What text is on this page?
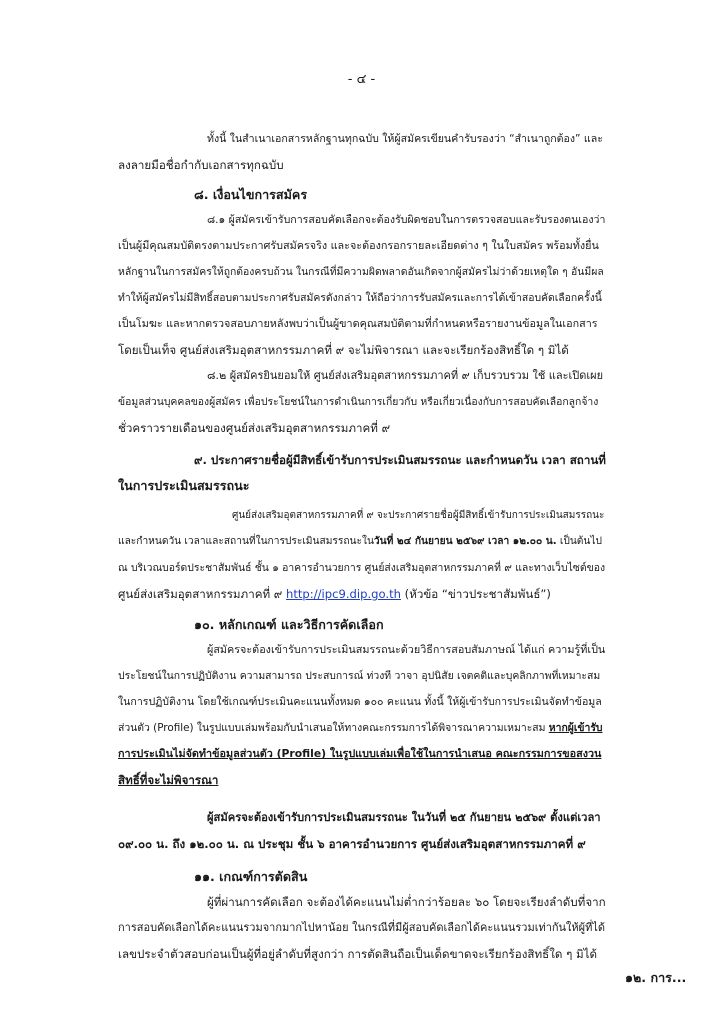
- ๔ -
ทั้งนี้ ในสำเนาเอกสารหลักฐานทุกฉบับ ให้ผู้สมัครเขียนคำรับรองว่า “สำเนาถูกต้อง” และ
ลงลายมือชื่อกำกับเอกสารทุกฉบับ
๘. เงื่อนไขการสมัคร
๘.๑ ผู้สมัครเข้ารับการสอบคัดเลือกจะต้องรับผิดชอบในการตรวจสอบและรับรองตนเองว่า
เป็นผู้มีคุณสมบัติตรงตามประกาศรับสมัครจริง และจะต้องกรอกรายละเอียดต่าง ๆ ในใบสมัคร พร้อมทั้งยื่น
หลักฐานในการสมัครให้ถูกต้องครบถ้วน ในกรณีที่มีความผิดพลาดอันเกิดจากผู้สมัครไม่ว่าด้วยเหตุใด ๆ อันมีผล
ทำให้ผู้สมัครไม่มีสิทธิ์สอบตามประกาศรับสมัครดังกล่าว ให้ถือว่าการรับสมัครและการได้เข้าสอบคัดเลือกครั้งนี้
เป็นโมฆะ และหากตรวจสอบภายหลังพบว่าเป็นผู้ขาดคุณสมบัติตามที่กำหนดหรือรายงานข้อมูลในเอกสาร
โดยเป็นเท็จ ศูนย์ส่งเสริมอุตสาหกรรมภาคที่ ๙ จะไม่พิจารณา และจะเรียกร้องสิทธิ์ใด ๆ มิได้
๘.๒ ผู้สมัครยินยอมให้ ศูนย์ส่งเสริมอุตสาหกรรมภาคที่ ๙ เก็บรวบรวม ใช้ และเปิดเผย
ข้อมูลส่วนบุคคลของผู้สมัคร เพื่อประโยชน์ในการดำเนินการเกี่ยวกับ หรือเกี่ยวเนื่องกับการสอบคัดเลือกลูกจ้าง
ชั่วคราวรายเดือนของศูนย์ส่งเสริมอุตสาหกรรมภาคที่ ๙
๙. ประกาศรายชื่อผู้มีสิทธิ์เข้ารับการประเมินสมรรถนะ และกำหนดวัน เวลา สถานที่
ในการประเมินสมรรถนะ
ศูนย์ส่งเสริมอุตสาหกรรมภาคที่ ๙ จะประกาศรายชื่อผู้มีสิทธิ์เข้ารับการประเมินสมรรถนะ
และกำหนดวัน เวลาและสถานที่ในการประเมินสมรรถนะในวันที่ ๒๔ กันยายน ๒๕๖๙ เวลา ๑๒.๐๐ น. เป็นต้นไป
ณ บริเวณบอร์ดประชาสัมพันธ์ ชั้น ๑ อาคารอำนวยการ ศูนย์ส่งเสริมอุตสาหกรรมภาคที่ ๙ และทางเว็บไซต์ของ
ศูนย์ส่งเสริมอุตสาหกรรมภาคที่ ๙ http://ipc9.dip.go.th (หัวข้อ “ข่าวประชาสัมพันธ์”)
๑๐. หลักเกณฑ์ และวิธีการคัดเลือก
ผู้สมัครจะต้องเข้ารับการประเมินสมรรถนะด้วยวิธีการสอบสัมภาษณ์ ได้แก่ ความรู้ที่เป็น
ประโยชน์ในการปฏิบัติงาน ความสามารถ ประสบการณ์ ท่วงที วาจา อุปนิสัย เจตคติและบุคลิกภาพที่เหมาะสม
ในการปฏิบัติงาน โดยใช้เกณฑ์ประเมินคะแนนทั้งหมด ๑๐๐ คะแนน ทั้งนี้ ให้ผู้เข้ารับการประเมินจัดทำข้อมูล
ส่วนตัว (Profile) ในรูปแบบเล่มพร้อมกับนำเสนอให้ทางคณะกรรมการได้พิจารณาความเหมาะสม หากผู้เข้ารับ
การประเมินไม่จัดทำข้อมูลส่วนตัว (Profile) ในรูปแบบเล่มเพื่อใช้ในการนำเสนอ คณะกรรมการขอสงวน
สิทธิ์ที่จะไม่พิจารณา
ผู้สมัครจะต้องเข้ารับการประเมินสมรรถนะ ในวันที่ ๒๕ กันยายน ๒๕๖๙ ตั้งแต่เวลา
๐๙.๐๐ น. ถึง ๑๒.๐๐ น. ณ ประชุม ชั้น ๖ อาคารอำนวยการ ศูนย์ส่งเสริมอุตสาหกรรมภาคที่ ๙
๑๑. เกณฑ์การตัดสิน
ผู้ที่ผ่านการคัดเลือก จะต้องได้คะแนนไม่ต่ำกว่าร้อยละ ๖๐ โดยจะเรียงลำดับที่จาก
การสอบคัดเลือกได้คะแนนรวมจากมากไปหาน้อย ในกรณีที่มีผู้สอบคัดเลือกได้คะแนนรวมเท่ากันให้ผู้ที่ได้
เลขประจำตัวสอบก่อนเป็นผู้ที่อยู่ลำดับที่สูงกว่า การตัดสินถือเป็นเด็ดขาดจะเรียกร้องสิทธิ์ใด ๆ มิได้
๑๒. การ...
